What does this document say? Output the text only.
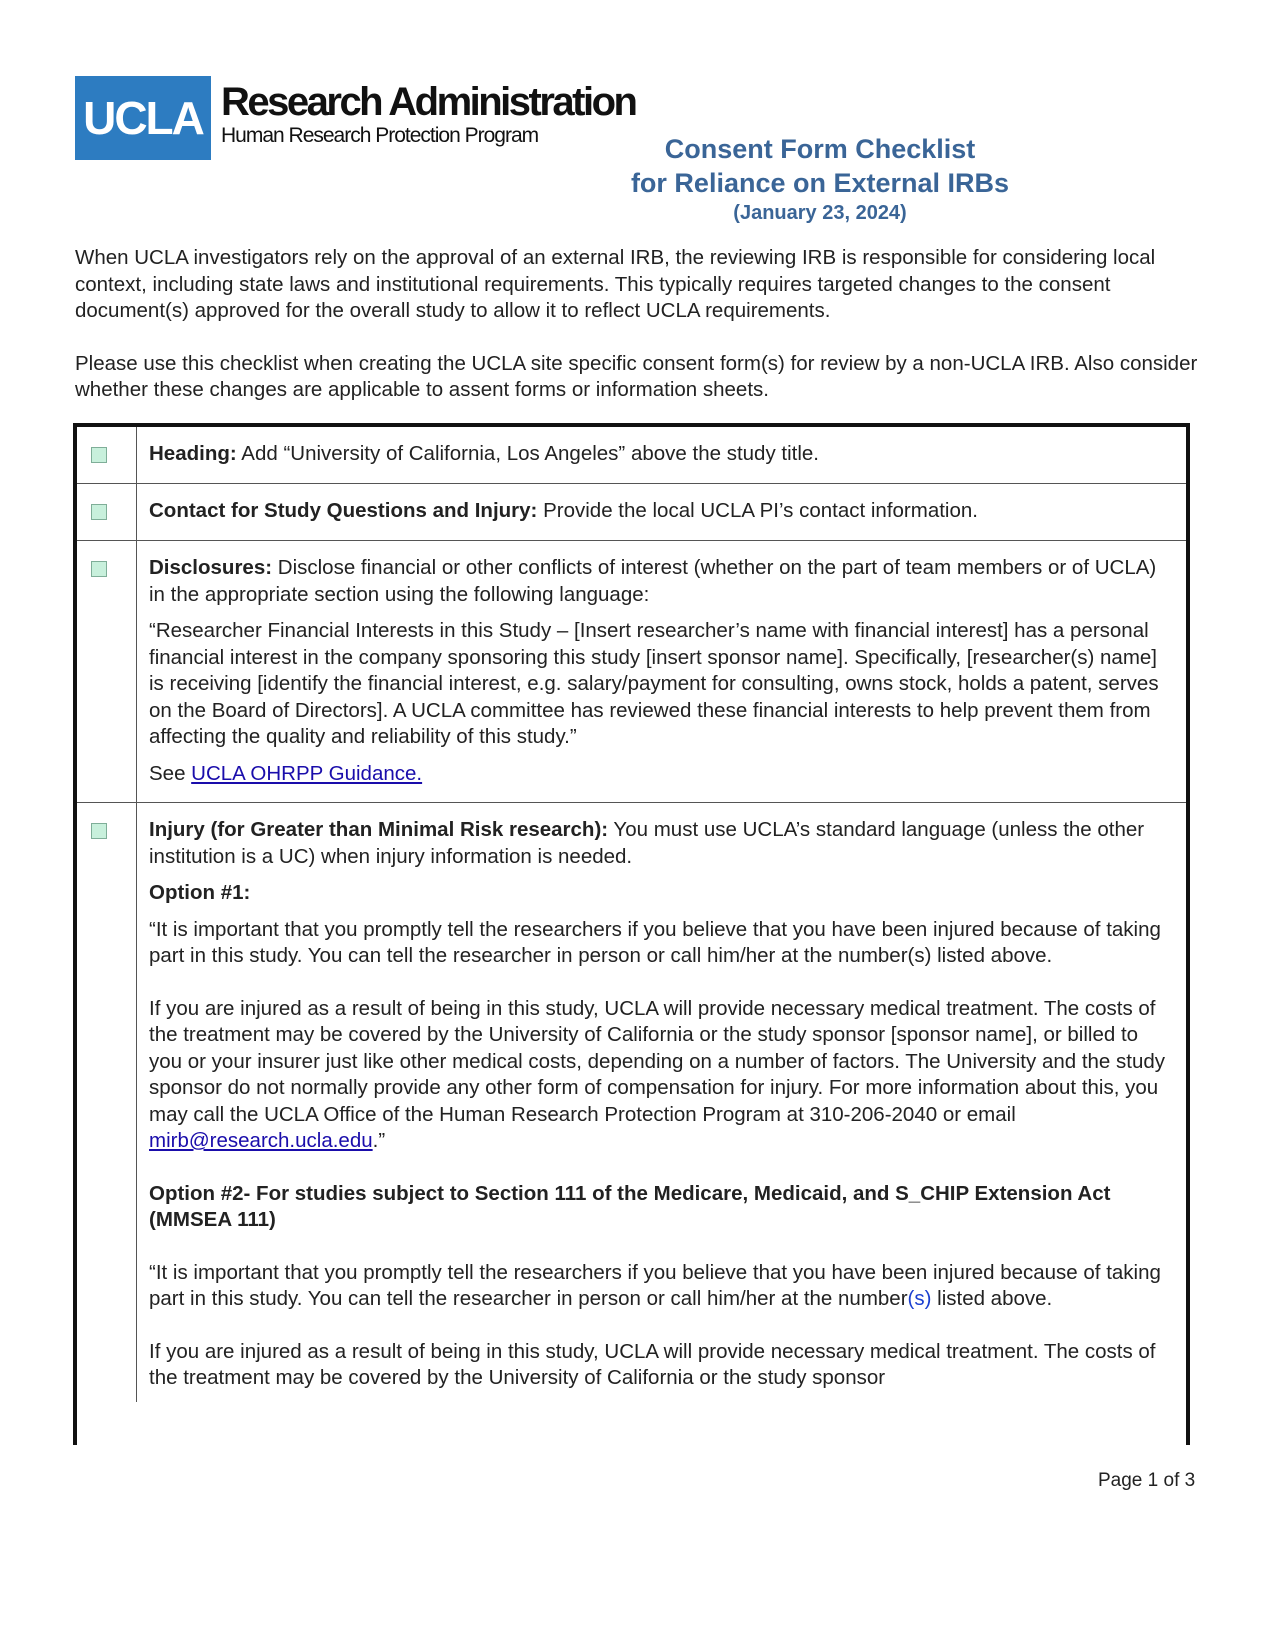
UCLA Research Administration
Human Research Protection Program	Consent Form Checklist
for Reliance on External IRBs
(January 23, 2024)

When UCLA investigators rely on the approval of an external IRB, the reviewing IRB is responsible for considering local context, including state laws and institutional requirements. This typically requires targeted changes to the consent document(s) approved for the overall study to allow it to reflect UCLA requirements.

Please use this checklist when creating the UCLA site specific consent form(s) for review by a non-UCLA IRB. Also consider whether these changes are applicable to assent forms or information sheets.

Heading: Add “University of California, Los Angeles” above the study title.

Contact for Study Questions and Injury: Provide the local UCLA PI’s contact information.

Disclosures: Disclose financial or other conflicts of interest (whether on the part of team members or of UCLA) in the appropriate section using the following language:

“Researcher Financial Interests in this Study – [Insert researcher’s name with financial interest] has a personal financial interest in the company sponsoring this study [insert sponsor name]. Specifically, [researcher(s) name] is receiving [identify the financial interest, e.g. salary/payment for consulting, owns stock, holds a patent, serves on the Board of Directors]. A UCLA committee has reviewed these financial interests to help prevent them from affecting the quality and reliability of this study.”

See UCLA OHRPP Guidance.

Injury (for Greater than Minimal Risk research): You must use UCLA’s standard language (unless the other institution is a UC) when injury information is needed.

Option #1:

“It is important that you promptly tell the researchers if you believe that you have been injured because of taking part in this study. You can tell the researcher in person or call him/her at the number(s) listed above.

If you are injured as a result of being in this study, UCLA will provide necessary medical treatment. The costs of the treatment may be covered by the University of California or the study sponsor [sponsor name], or billed to you or your insurer just like other medical costs, depending on a number of factors. The University and the study sponsor do not normally provide any other form of compensation for injury. For more information about this, you may call the UCLA Office of the Human Research Protection Program at 310-206-2040 or email mirb@research.ucla.edu.”

Option #2- For studies subject to Section 111 of the Medicare, Medicaid, and S_CHIP Extension Act (MMSEA 111)

“It is important that you promptly tell the researchers if you believe that you have been injured because of taking part in this study. You can tell the researcher in person or call him/her at the number(s) listed above.

If you are injured as a result of being in this study, UCLA will provide necessary medical treatment. The costs of the treatment may be covered by the University of California or the study sponsor

Page 1 of 3
